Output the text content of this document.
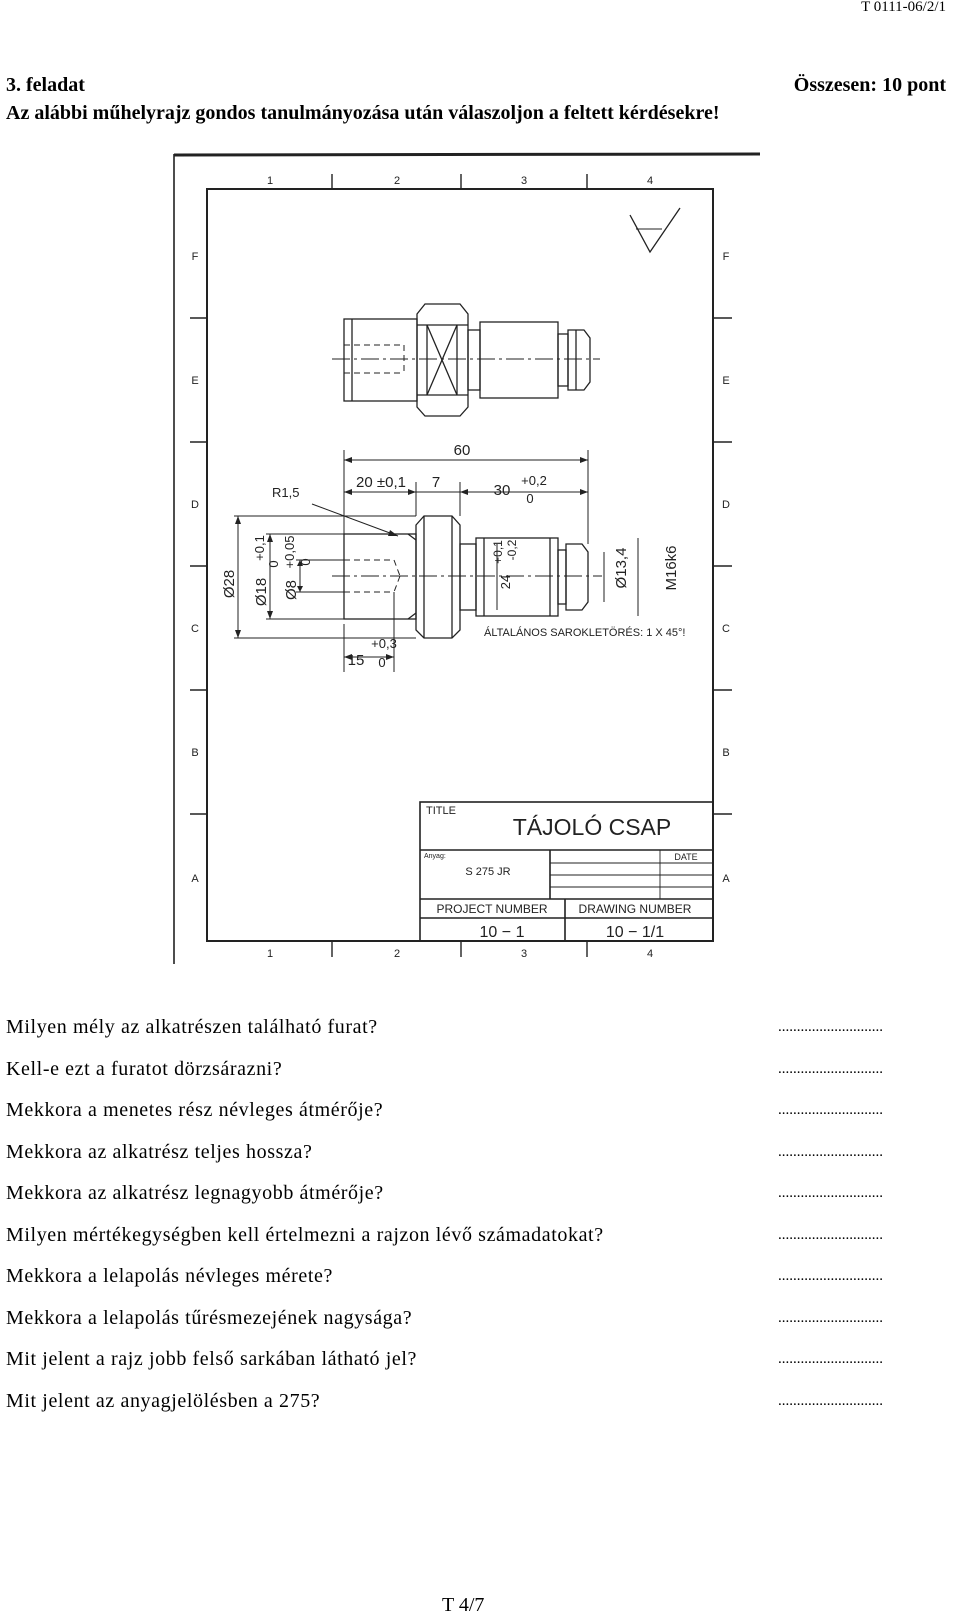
T 0111-06/2/1
3. feladat	Összesen: 10 pont
Az alábbi műhelyrajz gondos tanulmányozása után válaszoljon a feltett kérdésekre!
1	2	3	4
1	2	3	4
F
E
D
C
B
A
F
E
D
C
B
A
60
20 ±0,1 7	30
+0,2
0
R1,5
15
+0,3
0
ÁLTALÁNOS SAROKLETÖRÉS: 1 X 45°!
Ø28 Ø18
+0,1
0
Ø8
+0,05 0
24
+0,1 -0,2	Ø13,4 M16k6
TITLE
TÁJOLÓ CSAP
Anyag:
S 275 JR
DATE
PROJECT NUMBER	DRAWING NUMBER
10 − 1	10 − 1/1
Milyen mély az alkatrészen található furat?	............................
Kell-e ezt a furatot dörzsárazni?	............................
Mekkora a menetes rész névleges átmérője?	............................
Mekkora az alkatrész teljes hossza?	............................
Mekkora az alkatrész legnagyobb átmérője?	............................
Milyen mértékegységben kell értelmezni a rajzon lévő számadatokat?	............................
Mekkora a lelapolás névleges mérete?	............................
Mekkora a lelapolás tűrésmezejének nagysága?	............................
Mit jelent a rajz jobb felső sarkában látható jel?	............................
Mit jelent az anyagjelölésben a 275?	............................
T 4/7
